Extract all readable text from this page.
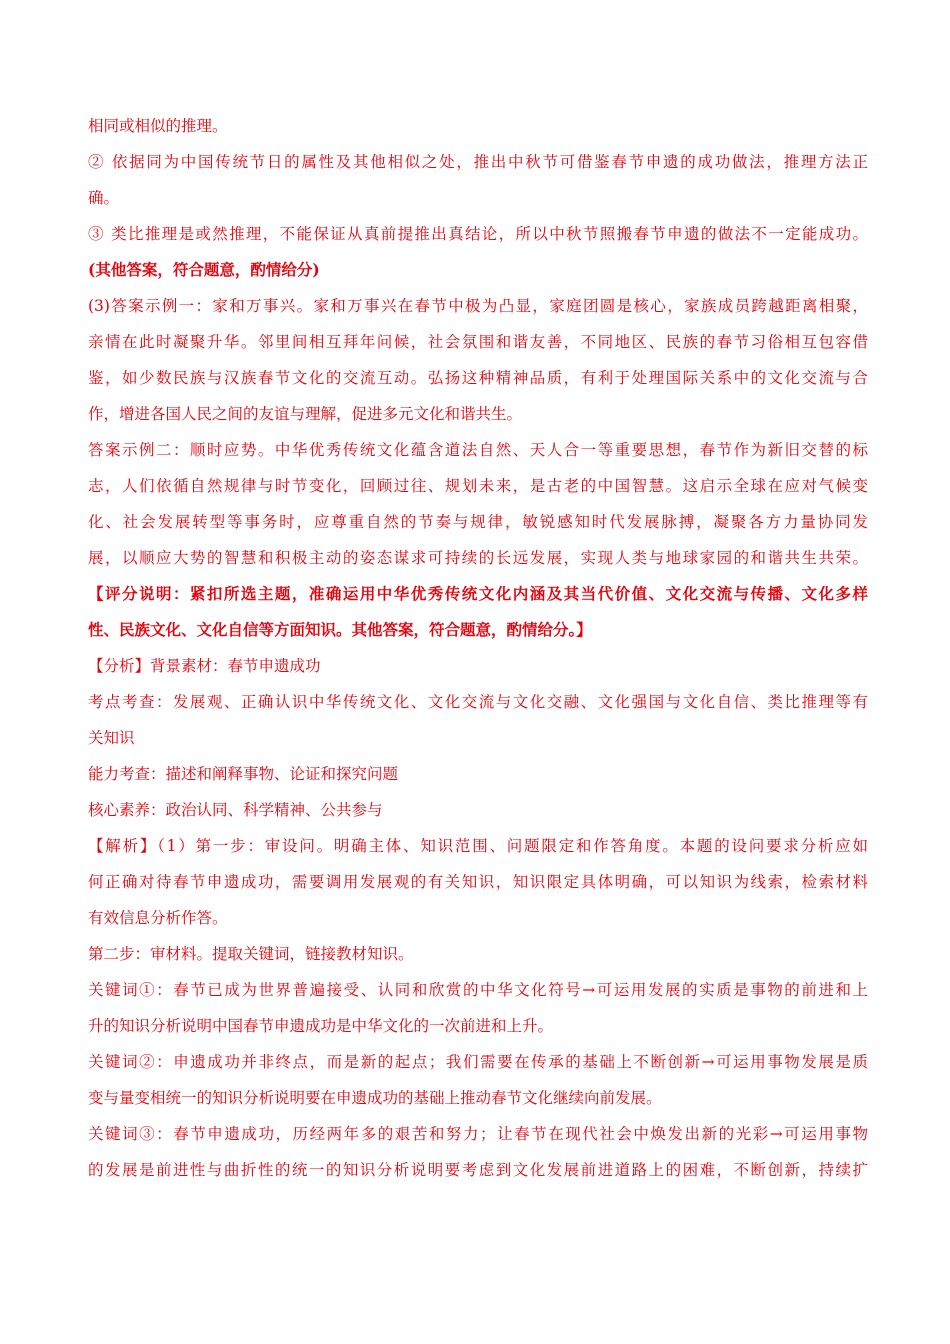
相同或相似的推理。
② 依据同为中国传统节日的属性及其他相似之处，推出中秋节可借鉴春节申遗的成功做法，推理方法正
确。
③ 类比推理是或然推理，不能保证从真前提推出真结论，所以中秋节照搬春节申遗的做法不一定能成功。
(其他答案，符合题意，酌情给分)
(3)答案示例一：家和万事兴。家和万事兴在春节中极为凸显，家庭团圆是核心，家族成员跨越距离相聚，
亲情在此时凝聚升华。邻里间相互拜年问候，社会氛围和谐友善，不同地区、民族的春节习俗相互包容借
鉴，如少数民族与汉族春节文化的交流互动。弘扬这种精神品质，有利于处理国际关系中的文化交流与合
作，增进各国人民之间的友谊与理解，促进多元文化和谐共生。
答案示例二：顺时应势。中华优秀传统文化蕴含道法自然、天人合一等重要思想，春节作为新旧交替的标
志，人们依循自然规律与时节变化，回顾过往、规划未来，是古老的中国智慧。这启示全球在应对气候变
化、社会发展转型等事务时，应尊重自然的节奏与规律，敏锐感知时代发展脉搏，凝聚各方力量协同发
展，以顺应大势的智慧和积极主动的姿态谋求可持续的长远发展，实现人类与地球家园的和谐共生共荣。
【评分说明：紧扣所选主题，准确运用中华优秀传统文化内涵及其当代价值、文化交流与传播、文化多样
性、民族文化、文化自信等方面知识。其他答案，符合题意，酌情给分。】
【分析】背景素材：春节申遗成功
考点考查：发展观、正确认识中华传统文化、文化交流与文化交融、文化强国与文化自信、类比推理等有
关知识
能力考查：描述和阐释事物、论证和探究问题
核心素养：政治认同、科学精神、公共参与
【解析】（1）第一步：审设问。明确主体、知识范围、问题限定和作答角度。本题的设问要求分析应如
何正确对待春节申遗成功，需要调用发展观的有关知识，知识限定具体明确，可以知识为线索，检索材料
有效信息分析作答。
第二步：审材料。提取关键词，链接教材知识。
关键词①：春节已成为世界普遍接受、认同和欣赏的中华文化符号→可运用发展的实质是事物的前进和上
升的知识分析说明中国春节申遗成功是中华文化的一次前进和上升。
关键词②：申遗成功并非终点，而是新的起点；我们需要在传承的基础上不断创新→可运用事物发展是质
变与量变相统一的知识分析说明要在申遗成功的基础上推动春节文化继续向前发展。
关键词③：春节申遗成功，历经两年多的艰苦和努力；让春节在现代社会中焕发出新的光彩→可运用事物
的发展是前进性与曲折性的统一的知识分析说明要考虑到文化发展前进道路上的困难，不断创新，持续扩
